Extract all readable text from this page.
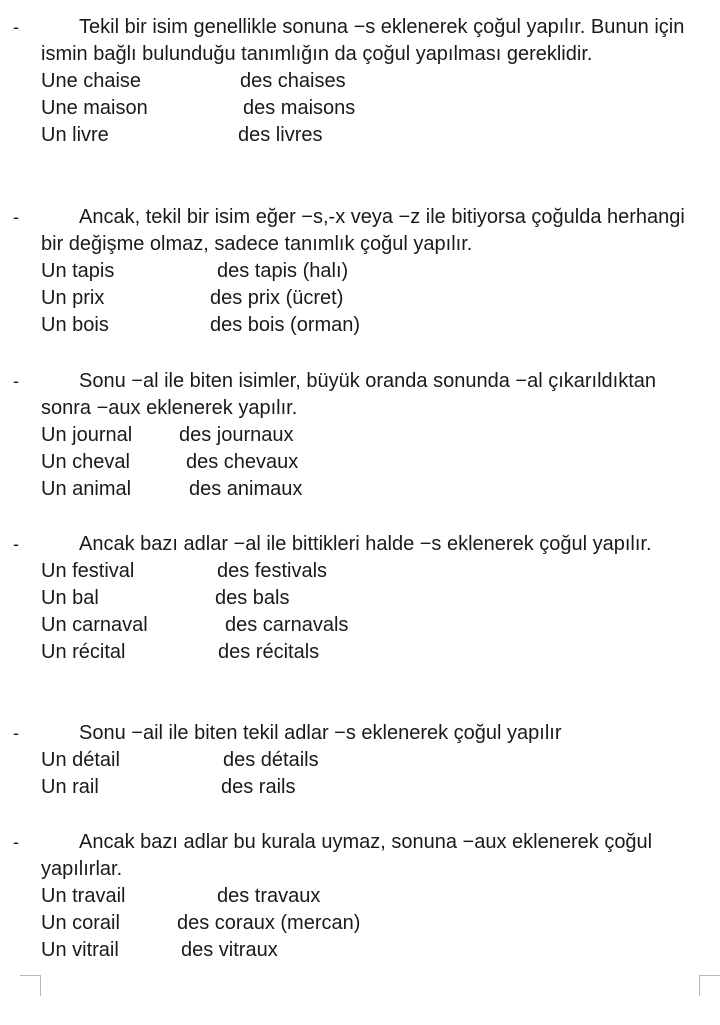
-	Tekil bir isim genellikle sonuna −s eklenerek çoğul yapılır. Bunun için ismin bağlı bulunduğu tanımlığın da çoğul yapılması gereklidir.
Une chaise	des chaises
Une maison	des maisons
Un livre	des livres
-	Ancak, tekil bir isim eğer −s,-x veya −z ile bitiyorsa çoğulda herhangi bir değişme olmaz, sadece tanımlık çoğul yapılır.
Un tapis	des tapis (halı)
Un prix	des prix (ücret)
Un bois	des bois (orman)
-	Sonu −al ile biten isimler, büyük oranda sonunda −al çıkarıldıktan sonra −aux eklenerek yapılır.
Un journal des journaux
Un cheval	des chevaux
Un animal	des animaux
-	Ancak bazı adlar −al ile bittikleri halde −s eklenerek çoğul yapılır.
Un festival	des festivals
Un bal	des bals
Un carnaval	des carnavals
Un récital	des récitals
-	Sonu −ail ile biten tekil adlar −s eklenerek çoğul yapılır
Un détail	des détails
Un rail	des rails
-	Ancak bazı adlar bu kurala uymaz, sonuna −aux eklenerek çoğul yapılırlar.
Un travail	des travaux
Un corail	des coraux (mercan)
Un vitrail	des vitraux
